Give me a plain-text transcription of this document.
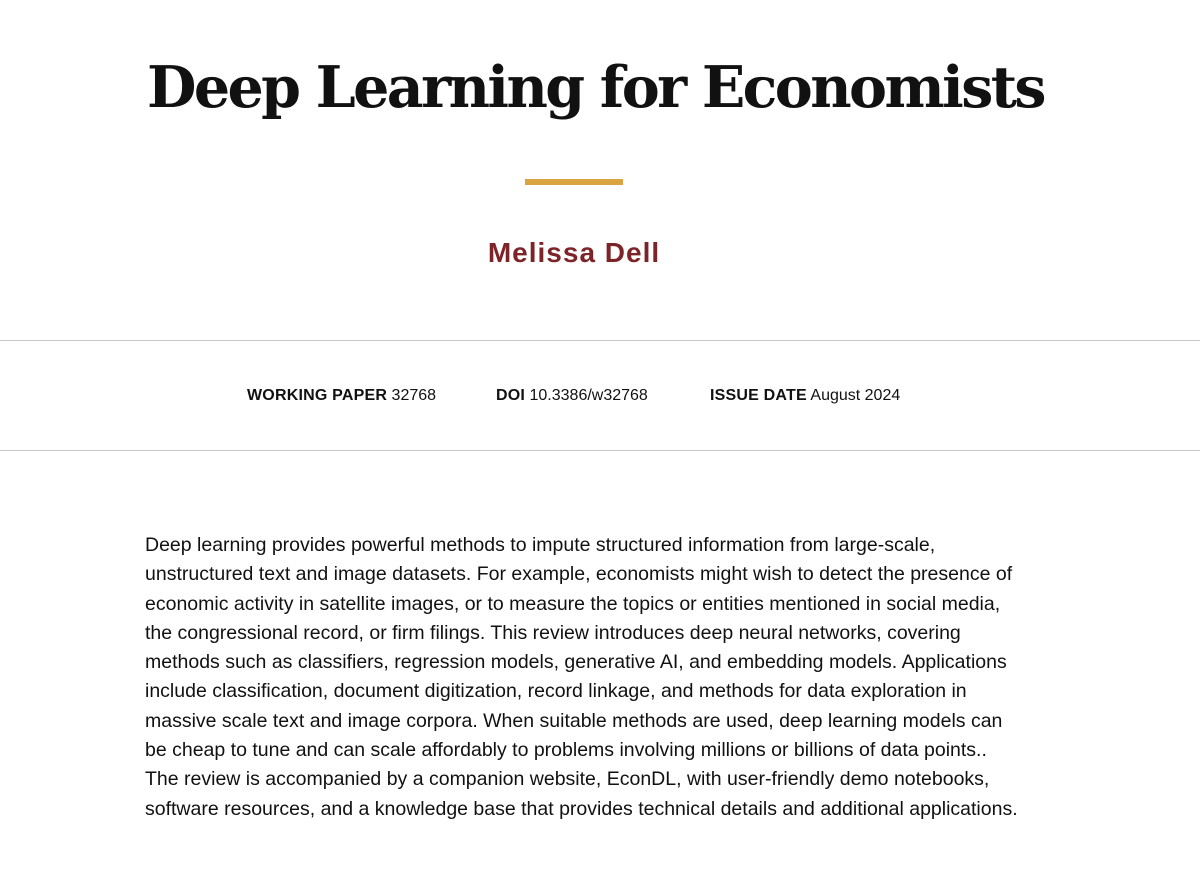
Deep Learning for Economists
Melissa Dell
WORKING PAPER 32768	DOI 10.3386/w32768	ISSUE DATE August 2024

Deep learning provides powerful methods to impute structured information from large-scale, unstructured text and image datasets. For example, economists might wish to detect the presence of economic activity in satellite images, or to measure the topics or entities mentioned in social media, the congressional record, or firm filings. This review introduces deep neural networks, covering methods such as classifiers, regression models, generative AI, and embedding models. Applications include classification, document digitization, record linkage, and methods for data exploration in massive scale text and image corpora. When suitable methods are used, deep learning models can be cheap to tune and can scale affordably to problems involving millions or billions of data points.. The review is accompanied by a companion website, EconDL, with user-friendly demo notebooks, software resources, and a knowledge base that provides technical details and additional applications.
